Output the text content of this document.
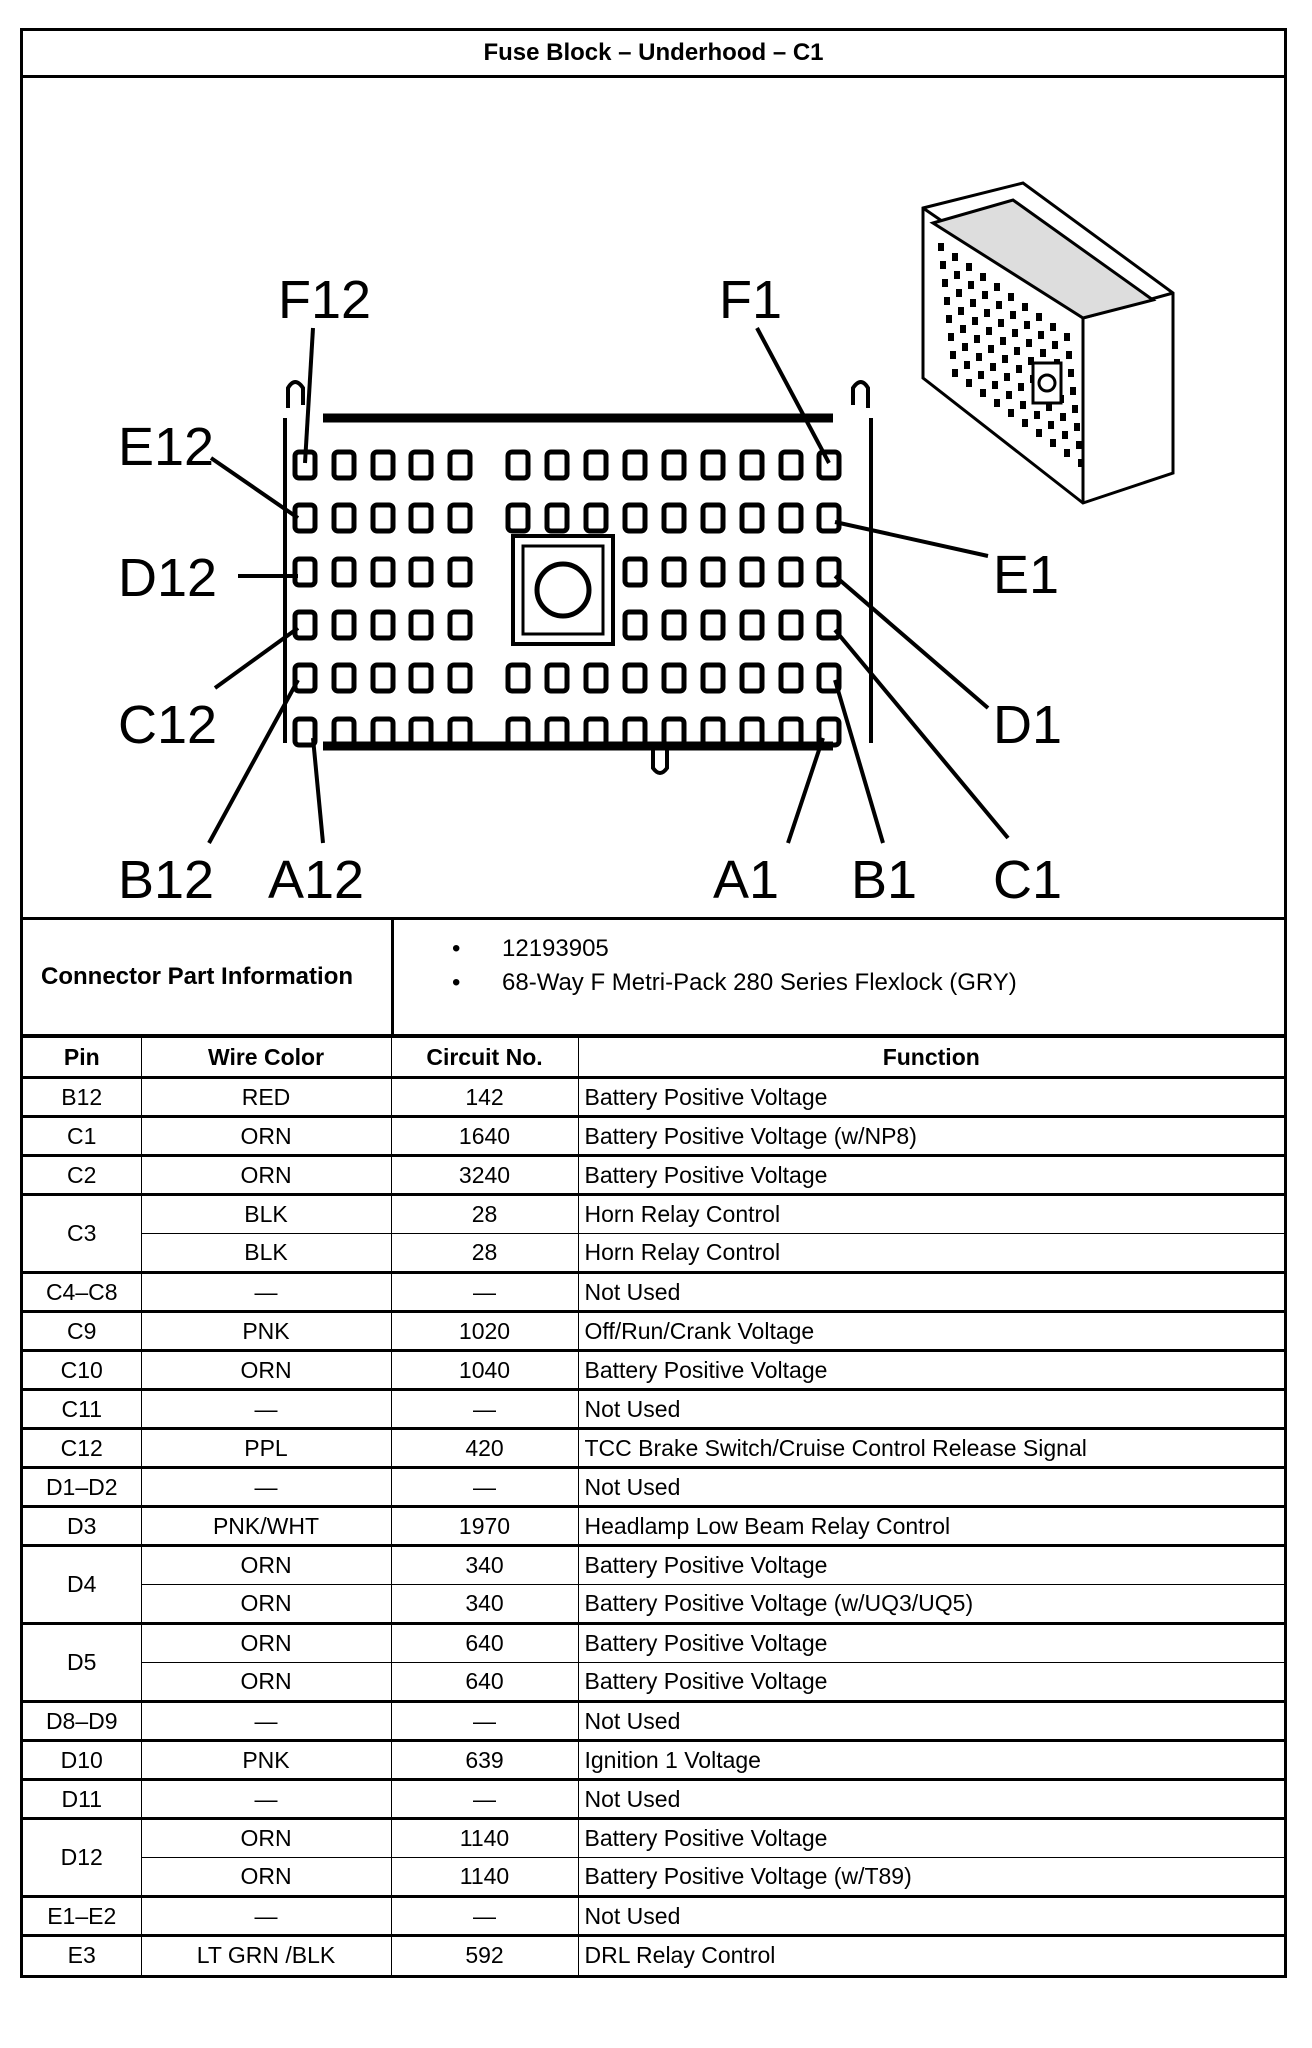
Fuse Block – Underhood – C1
F12	F1
E12
E1
D12
D1
C12
C1
B12	B1
A12	A1
Connector Part Information
• 12193905
• 68-Way F Metri-Pack 280 Series Flexlock (GRY)
Pin	Wire Color	Circuit No.	Function
B12	RED	142	Battery Positive Voltage
C1	ORN	1640	Battery Positive Voltage (w/NP8)
C2	ORN	3240	Battery Positive Voltage
C3	BLK	28	Horn Relay Control
	BLK	28	Horn Relay Control
C4–C8	—	—	Not Used
C9	PNK	1020	Off/Run/Crank Voltage
C10	ORN	1040	Battery Positive Voltage
C11	—	—	Not Used
C12	PPL	420	TCC Brake Switch/Cruise Control Release Signal
D1–D2	—	—	Not Used
D3	PNK/WHT	1970	Headlamp Low Beam Relay Control
D4	ORN	340	Battery Positive Voltage
	ORN	340	Battery Positive Voltage (w/UQ3/UQ5)
D5	ORN	640	Battery Positive Voltage
	ORN	640	Battery Positive Voltage
D8–D9	—	—	Not Used
D10	PNK	639	Ignition 1 Voltage
D11	—	—	Not Used
D12	ORN	1140	Battery Positive Voltage
	ORN	1140	Battery Positive Voltage (w/T89)
E1–E2	—	—	Not Used
E3	LT GRN /BLK	592	DRL Relay Control
